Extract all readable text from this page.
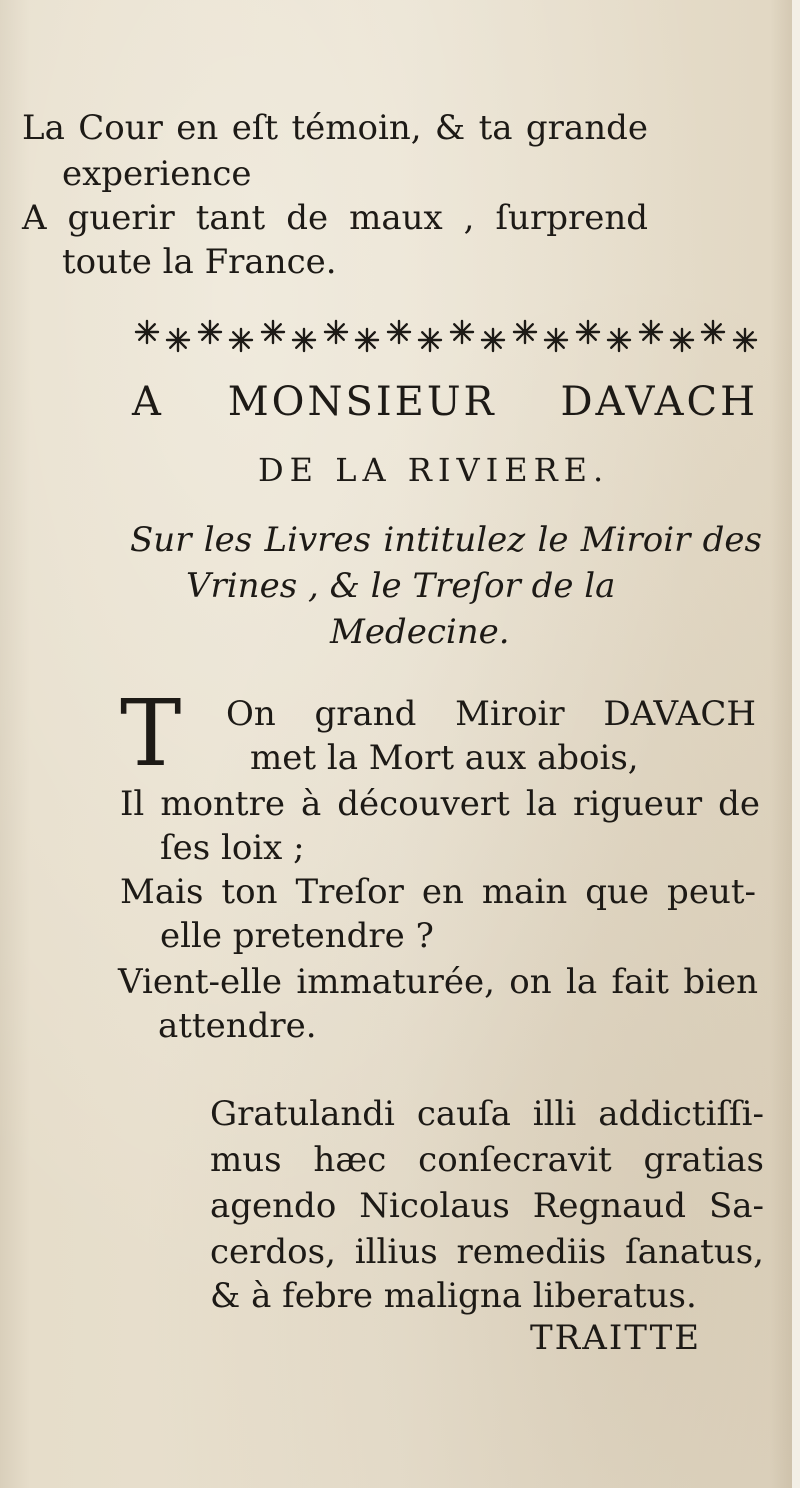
La Cour en eſt témoin, & ta grande
experience
A guerir tant de maux , ſurprend
toute la France.
A MONSIEUR DAVACH
DE LA RIVIERE.
Sur les Livres intitulez le Miroir des
Vrines , & le Treſor de la
Medecine.
T On grand Miroir DAVACH
met la Mort aux abois,
Il montre à découvert la rigueur de
ſes loix ;
Mais ton Treſor en main que peut-
elle pretendre ?
Vient-elle immaturée, on la fait bien
attendre.
Gratulandi cauſa illi addictiſſi-
mus hæc conſecravit gratias
agendo Nicolaus Regnaud Sa-
cerdos, illius remediis ſanatus,
& à febre maligna liberatus.
TRAITTE
